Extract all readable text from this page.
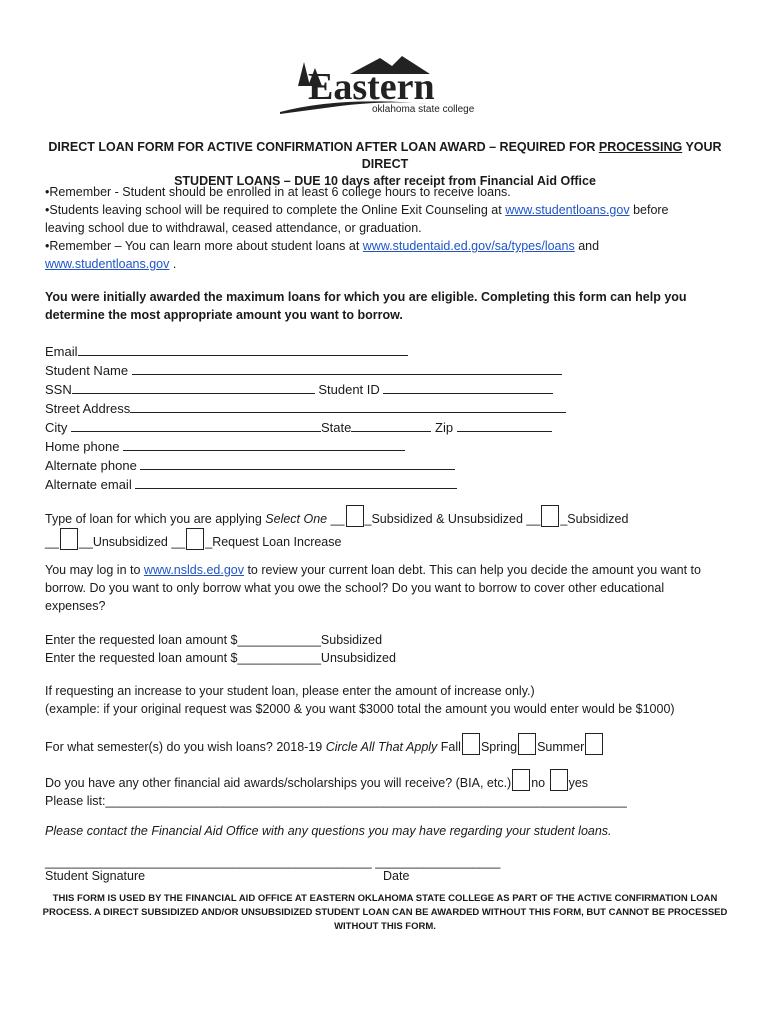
Eastern
oklahoma state college
DIRECT LOAN FORM FOR ACTIVE CONFIRMATION AFTER LOAN AWARD – REQUIRED FOR PROCESSING YOUR DIRECT
STUDENT LOANS – DUE 10 days after receipt from Financial Aid Office

•Remember - Student should be enrolled in at least 6 college hours to receive loans.

•Students leaving school will be required to complete the Online Exit Counseling at www.studentloans.gov before

leaving school due to withdrawal, ceased attendance, or graduation.

•Remember – You can learn more about student loans at www.studentaid.ed.gov/sa/types/loans and

www.studentloans.gov .

You were initially awarded the maximum loans for which you are eligible. Completing this form can help you
determine the most appropriate amount you want to borrow.
Email
Student Name
SSN	Student ID
Street Address
City	State	Zip
Home phone
Alternate phone
Alternate email
Type of loan for which you are applying Select One __ _Subsidized & Unsubsidized __ _Subsidized
__ __Unsubsidized __ _Request Loan Increase

You may log in to www.nslds.ed.gov to review your current loan debt. This can help you decide the amount you want to

borrow. Do you want to only borrow what you owe the school? Do you want to borrow to cover other educational

expenses?

Enter the requested loan amount $____________Subsidized

Enter the requested loan amount $____________Unsubsidized

If requesting an increase to your student loan, please enter the amount of increase only.)

(example: if your original request was $2000 & you want $3000 total the amount you would enter would be $1000)

For what semester(s) do you wish loans? 2018-19 Circle All That Apply Fall Spring Summer

Do you have any other financial aid awards/scholarships you will receive? (BIA, etc.) no yes

Please list:___________________________________________________________________________

Please contact the Financial Aid Office with any questions you may have regarding your student loans.
_______________________________________________ __________________
Student Signature	Date
THIS FORM IS USED BY THE FINANCIAL AID OFFICE AT EASTERN OKLAHOMA STATE COLLEGE AS PART OF THE ACTIVE CONFIRMATION LOAN
PROCESS. A DIRECT SUBSIDIZED AND/OR UNSUBSIDIZED STUDENT LOAN CAN BE AWARDED WITHOUT THIS FORM, BUT CANNOT BE PROCESSED
WITHOUT THIS FORM.
